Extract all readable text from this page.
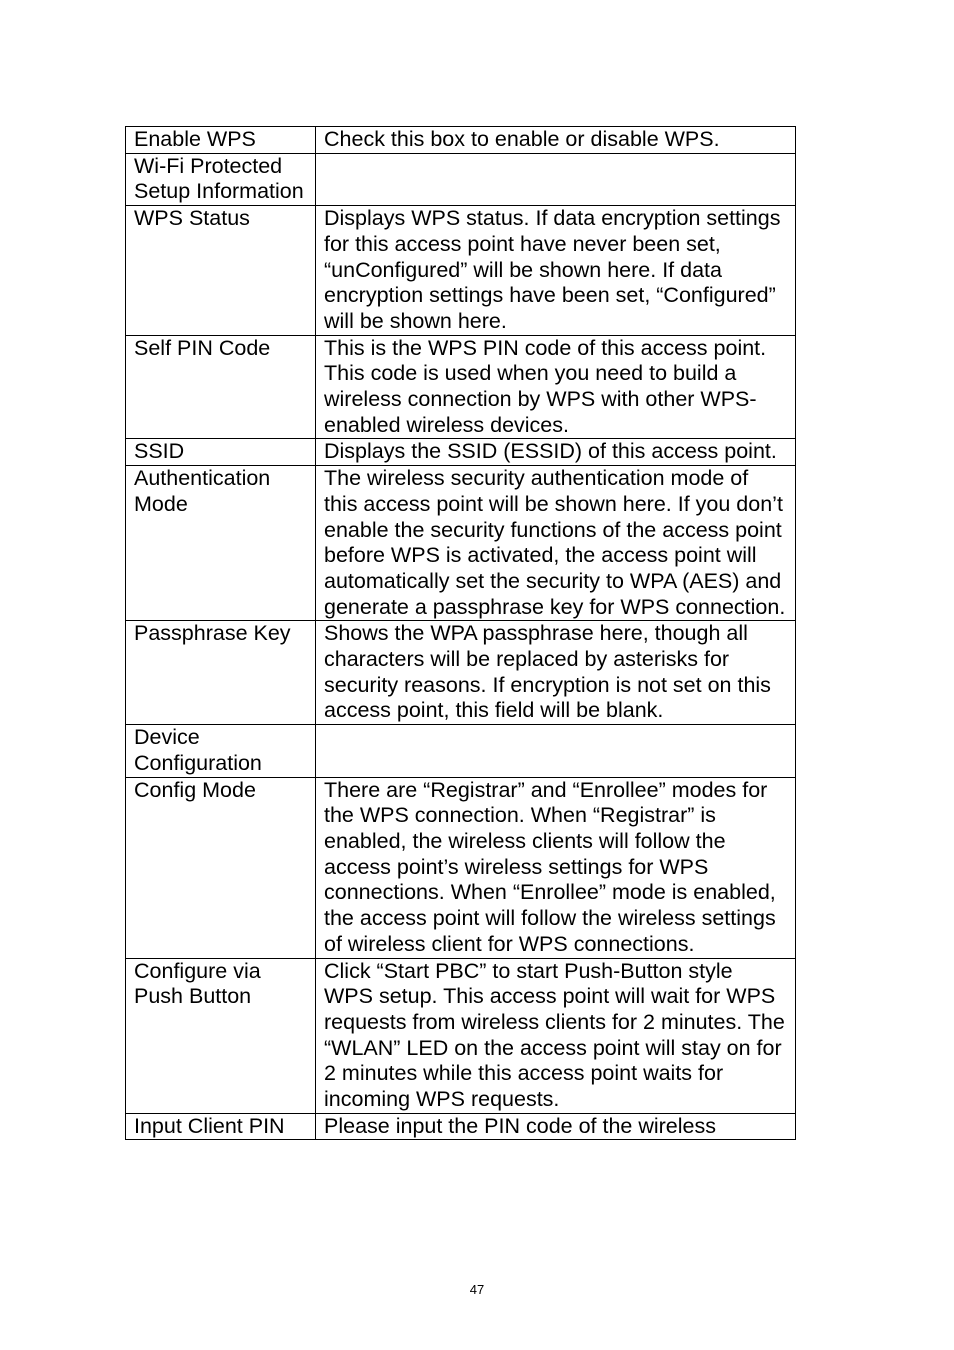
Enable WPS	Check this box to enable or disable WPS.
Wi-Fi Protected Setup Information	
WPS Status	Displays WPS status. If data encryption settings for this access point have never been set, “unConfigured” will be shown here. If data encryption settings have been set, “Configured” will be shown here.
Self PIN Code	This is the WPS PIN code of this access point. This code is used when you need to build a wireless connection by WPS with other WPS-enabled wireless devices.
SSID	Displays the SSID (ESSID) of this access point.
Authentication Mode	The wireless security authentication mode of this access point will be shown here. If you don’t enable the security functions of the access point before WPS is activated, the access point will automatically set the security to WPA (AES) and generate a passphrase key for WPS connection.
Passphrase Key	Shows the WPA passphrase here, though all characters will be replaced by asterisks for security reasons. If encryption is not set on this access point, this field will be blank.
Device Configuration	
Config Mode	There are “Registrar” and “Enrollee” modes for the WPS connection. When “Registrar” is enabled, the wireless clients will follow the access point’s wireless settings for WPS connections. When “Enrollee” mode is enabled, the access point will follow the wireless settings of wireless client for WPS connections.
Configure via Push Button	Click “Start PBC” to start Push-Button style WPS setup. This access point will wait for WPS requests from wireless clients for 2 minutes. The “WLAN” LED on the access point will stay on for 2 minutes while this access point waits for incoming WPS requests.
Input Client PIN	Please input the PIN code of the wireless
47
